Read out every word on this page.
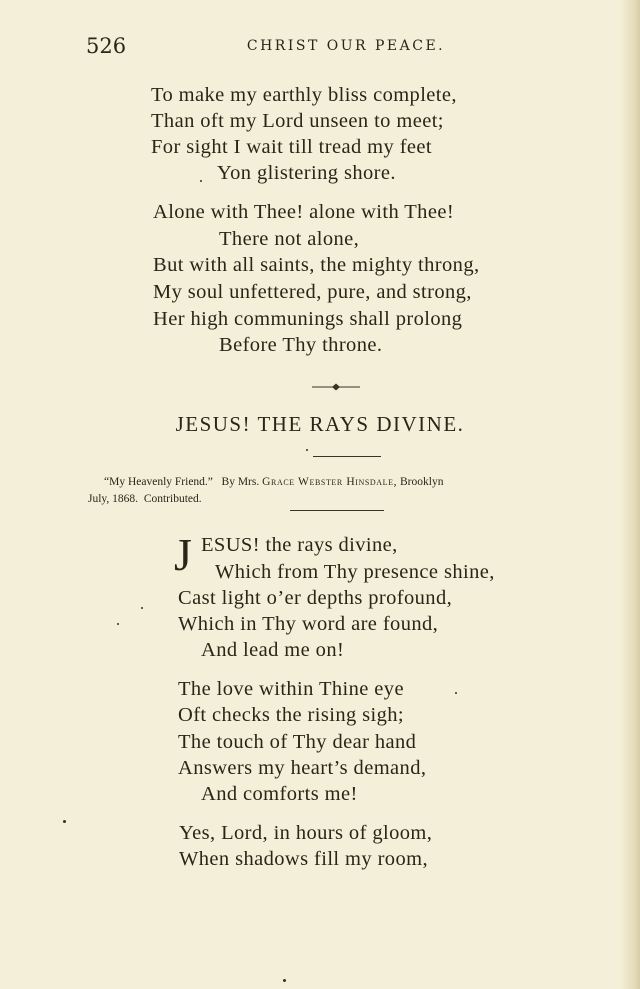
526	CHRIST OUR PEACE.
To make my earthly bliss complete,
Than oft my Lord unseen to meet;
For sight I wait till tread my feet
Yon glistering shore.
Alone with Thee! alone with Thee!
There not alone,
But with all saints, the mighty throng,
My soul unfettered, pure, and strong,
Her high communings shall prolong
Before Thy throne.
JESUS! THE RAYS DIVINE.
“My Heavenly Friend.” By Mrs. Grace Webster Hinsdale, Brooklyn
July, 1868. Contributed.
J ESUS! the rays divine,
Which from Thy presence shine,
Cast light o’er depths profound,
Which in Thy word are found,
And lead me on!
The love within Thine eye
Oft checks the rising sigh;
The touch of Thy dear hand
Answers my heart’s demand,
And comforts me!
Yes, Lord, in hours of gloom,
When shadows fill my room,
